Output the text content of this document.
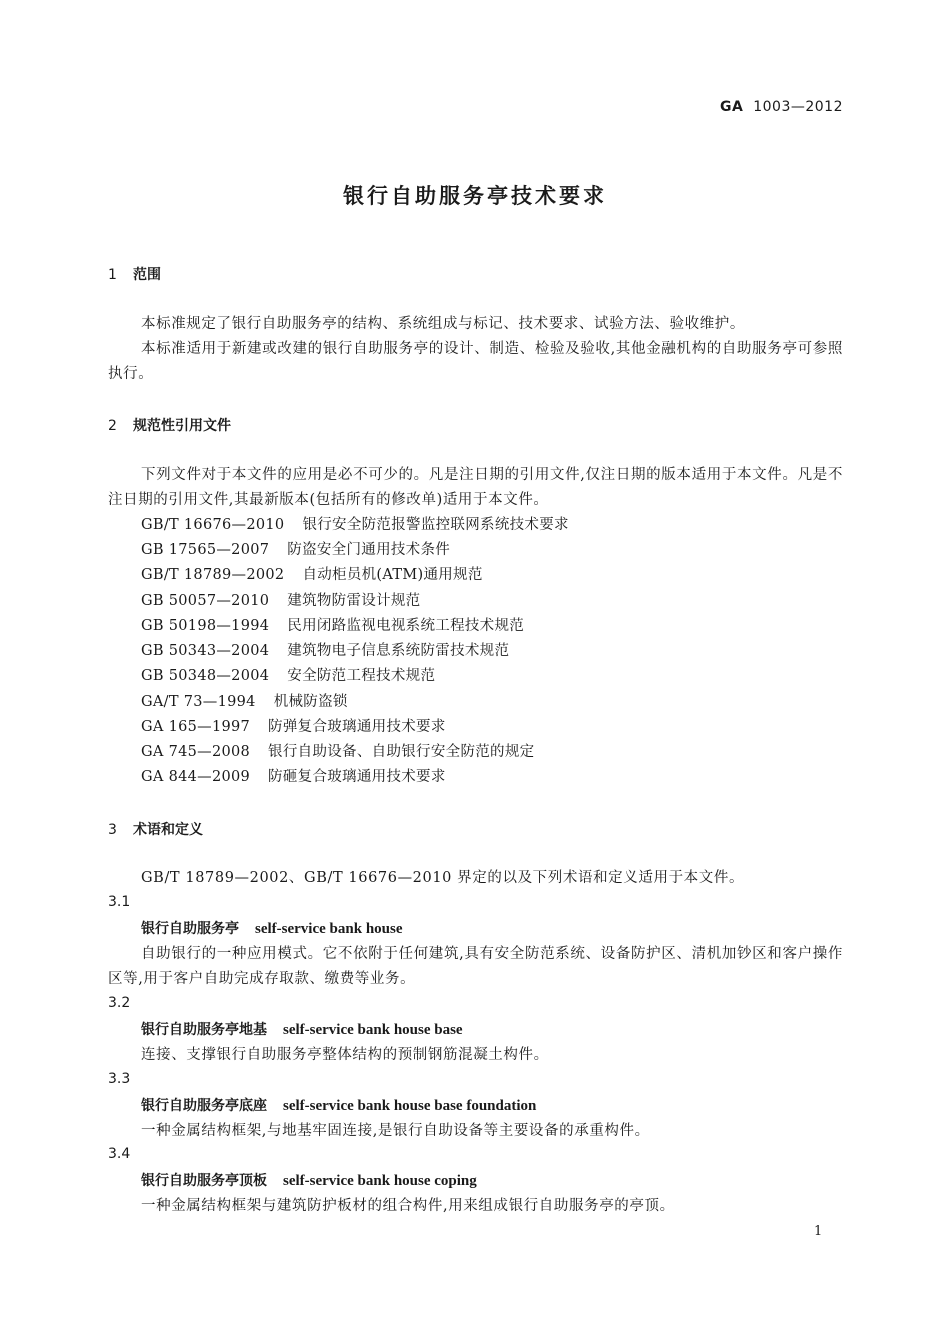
GA 1003—2012
银行自助服务亭技术要求
1 范围
本标准规定了银行自助服务亭的结构、系统组成与标记、技术要求、试验方法、验收维护。
本标准适用于新建或改建的银行自助服务亭的设计、制造、检验及验收,其他金融机构的自助服务亭可参照执行。
2 规范性引用文件
下列文件对于本文件的应用是必不可少的。凡是注日期的引用文件,仅注日期的版本适用于本文件。凡是不注日期的引用文件,其最新版本(包括所有的修改单)适用于本文件。
GB/T 16676—2010 银行安全防范报警监控联网系统技术要求
GB 17565—2007 防盗安全门通用技术条件
GB/T 18789—2002 自动柜员机(ATM)通用规范
GB 50057—2010 建筑物防雷设计规范
GB 50198—1994 民用闭路监视电视系统工程技术规范
GB 50343—2004 建筑物电子信息系统防雷技术规范
GB 50348—2004 安全防范工程技术规范
GA/T 73—1994 机械防盗锁
GA 165—1997 防弹复合玻璃通用技术要求
GA 745—2008 银行自助设备、自助银行安全防范的规定
GA 844—2009 防砸复合玻璃通用技术要求
3 术语和定义
GB/T 18789—2002、GB/T 16676—2010 界定的以及下列术语和定义适用于本文件。
3.1
银行自助服务亭 self-service bank house
自助银行的一种应用模式。它不依附于任何建筑,具有安全防范系统、设备防护区、清机加钞区和客户操作区等,用于客户自助完成存取款、缴费等业务。
3.2
银行自助服务亭地基 self-service bank house base
连接、支撑银行自助服务亭整体结构的预制钢筋混凝土构件。
3.3
银行自助服务亭底座 self-service bank house base foundation
一种金属结构框架,与地基牢固连接,是银行自助设备等主要设备的承重构件。
3.4
银行自助服务亭顶板 self-service bank house coping
一种金属结构框架与建筑防护板材的组合构件,用来组成银行自助服务亭的亭顶。
1
